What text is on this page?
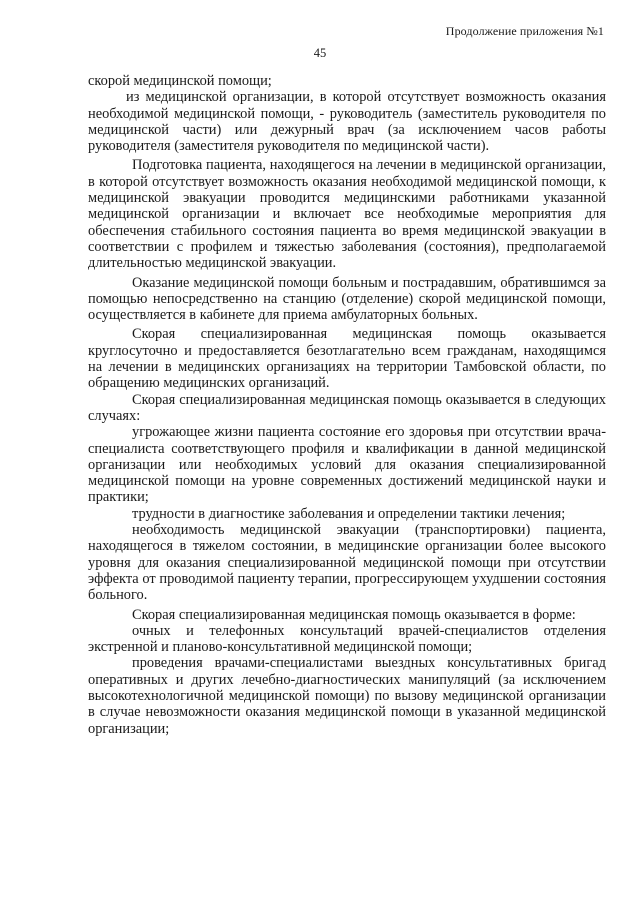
Продолжение приложения №1
45

скорой медицинской помощи;

из медицинской организации, в которой отсутствует возможность оказания необходимой медицинской помощи, - руководитель (заместитель руководителя по медицинской части) или дежурный врач (за исключением часов работы руководителя (заместителя руководителя по медицинской части).

Подготовка пациента, находящегося на лечении в медицинской организации, в которой отсутствует возможность оказания необходимой медицинской помощи, к медицинской эвакуации проводится медицинскими работниками указанной медицинской организации и включает все необходимые мероприятия для обеспечения стабильного состояния пациента во время медицинской эвакуации в соответствии с профилем и тяжестью заболевания (состояния), предполагаемой длительностью медицинской эвакуации.

Оказание медицинской помощи больным и пострадавшим, обратившимся за помощью непосредственно на станцию (отделение) скорой медицинской помощи, осуществляется в кабинете для приема амбулаторных больных.

Скорая специализированная медицинская помощь оказывается круглосуточно и предоставляется безотлагательно всем гражданам, находящимся на лечении в медицинских организациях на территории Тамбовской области, по обращению медицинских организаций.

Скорая специализированная медицинская помощь оказывается в следующих случаях:

угрожающее жизни пациента состояние его здоровья при отсутствии врача-специалиста соответствующего профиля и квалификации в данной медицинской организации или необходимых условий для оказания специализированной медицинской помощи на уровне современных достижений медицинской науки и практики;

трудности в диагностике заболевания и определении тактики лечения;

необходимость медицинской эвакуации (транспортировки) пациента, находящегося в тяжелом состоянии, в медицинские организации более высокого уровня для оказания специализированной медицинской помощи при отсутствии эффекта от проводимой пациенту терапии, прогрессирующем ухудшении состояния больного.

Скорая специализированная медицинская помощь оказывается в форме:

очных и телефонных консультаций врачей-специалистов отделения экстренной и планово-консультативной медицинской помощи;

проведения врачами-специалистами выездных консультативных бригад оперативных и других лечебно-диагностических манипуляций (за исключением высокотехнологичной медицинской помощи) по вызову медицинской организации в случае невозможности оказания медицинской помощи в указанной медицинской организации;
